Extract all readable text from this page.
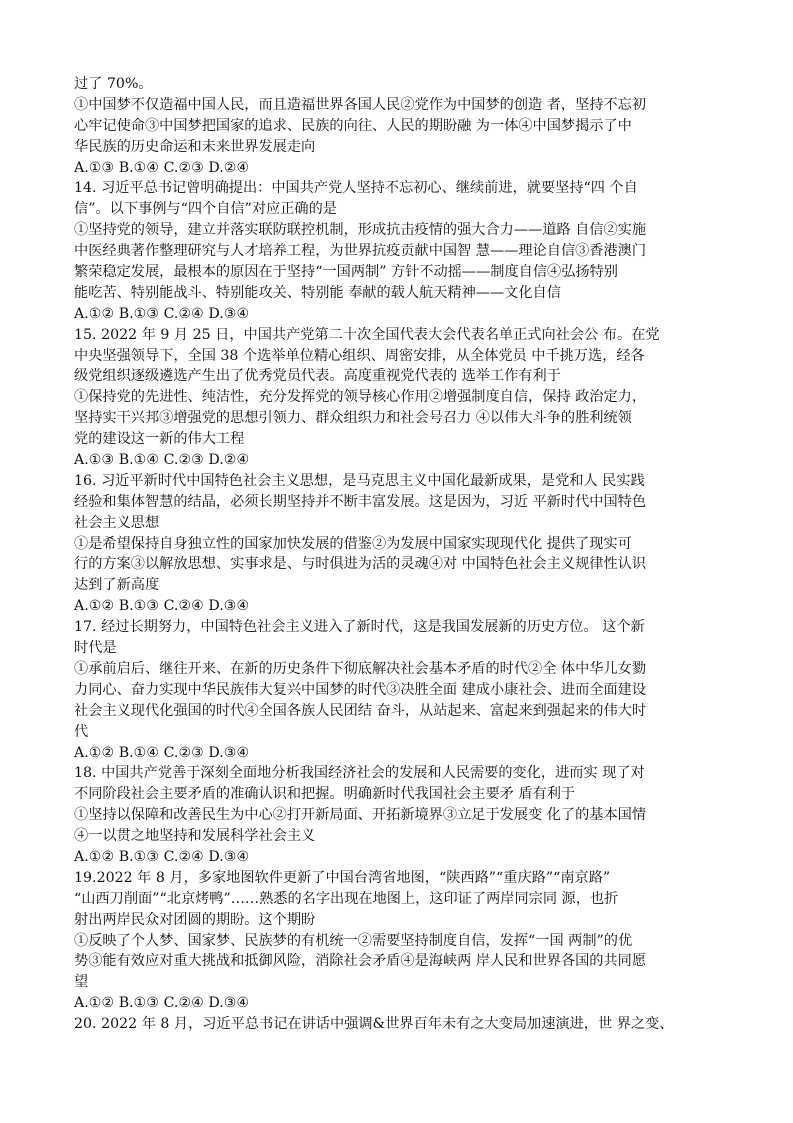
过了 70%。
①中国梦不仅造福中国人民，而且造福世界各国人民②党作为中国梦的创造 者，坚持不忘初
心牢记使命③中国梦把国家的追求、民族的向往、人民的期盼融 为一体④中国梦揭示了中
华民族的历史命运和未来世界发展走向
A.①③ B.①④ C.②③ D.②④
14. 习近平总书记曾明确提出：中国共产党人坚持不忘初心、继续前进，就要坚持“四 个自
信”。以下事例与“四个自信”对应正确的是
①坚持党的领导，建立并落实联防联控机制，形成抗击疫情的强大合力——道路 自信②实施
中医经典著作整理研究与人才培养工程，为世界抗疫贡献中国智 慧——理论自信③香港澳门
繁荣稳定发展，最根本的原因在于坚持“一国两制” 方针不动摇——制度自信④弘扬特别
能吃苦、特别能战斗、特别能攻关、特别能 奉献的载人航天精神——文化自信
A.①② B.①③ C.②④ D.③④
15. 2022 年 9 月 25 日，中国共产党第二十次全国代表大会代表名单正式向社会公 布。在党
中央坚强领导下，全国 38 个选举单位精心组织、周密安排，从全体党员 中千挑万选，经各
级党组织逐级遴选产生出了优秀党员代表。高度重视党代表的 选举工作有利于
①保持党的先进性、纯洁性，充分发挥党的领导核心作用②增强制度自信，保持 政治定力，
坚持实干兴邦③增强党的思想引领力、群众组织力和社会号召力 ④以伟大斗争的胜利统领
党的建设这一新的伟大工程
A.①③ B.①④ C.②③ D.②④
16. 习近平新时代中国特色社会主义思想，是马克思主义中国化最新成果，是党和人 民实践
经验和集体智慧的结晶，必须长期坚持并不断丰富发展。这是因为，习近 平新时代中国特色
社会主义思想
①是希望保持自身独立性的国家加快发展的借鉴②为发展中国家实现现代化 提供了现实可
行的方案③以解放思想、实事求是、与时俱进为活的灵魂④对 中国特色社会主义规律性认识
达到了新高度
A.①② B.①③ C.②④ D.③④
17. 经过长期努力，中国特色社会主义进入了新时代，这是我国发展新的历史方位。 这个新
时代是
①承前启后、继往开来、在新的历史条件下彻底解决社会基本矛盾的时代②全 体中华儿女勠
力同心、奋力实现中华民族伟大复兴中国梦的时代③决胜全面 建成小康社会、进而全面建设
社会主义现代化强国的时代④全国各族人民团结 奋斗，从站起来、富起来到强起来的伟大时
代
A.①② B.①④ C.②③ D.③④
18. 中国共产党善于深刻全面地分析我国经济社会的发展和人民需要的变化，进而实 现了对
不同阶段社会主要矛盾的准确认识和把握。明确新时代我国社会主要矛 盾有利于
①坚持以保障和改善民生为中心②打开新局面、开拓新境界③立足于发展变 化了的基本国情
④一以贯之地坚持和发展科学社会主义
A.①② B.①③ C.②④ D.③④
19.2022 年 8 月，多家地图软件更新了中国台湾省地图，“陕西路”“重庆路”“南京路”
“山西刀削面”“北京烤鸭”……熟悉的名字出现在地图上，这印证了两岸同宗同 源，也折
射出两岸民众对团圆的期盼。这个期盼
①反映了个人梦、国家梦、民族梦的有机统一②需要坚持制度自信，发挥“一国 两制”的优
势③能有效应对重大挑战和抵御风险，消除社会矛盾④是海峡两 岸人民和世界各国的共同愿
望
A.①② B.①③ C.②④ D.③④
20. 2022 年 8 月，习近平总书记在讲话中强调&世界百年未有之大变局加速演进，世 界之变、
